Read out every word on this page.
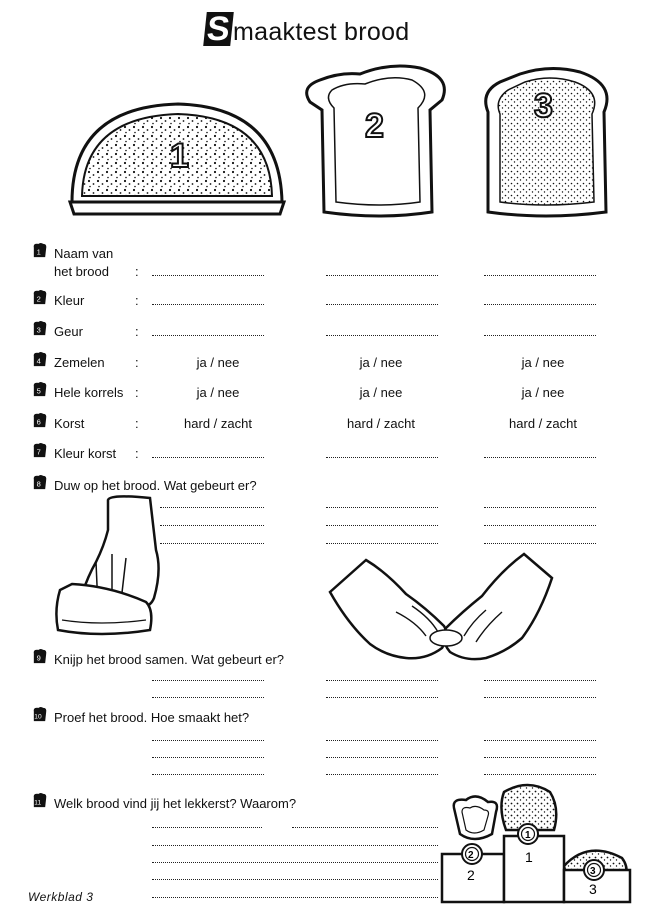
Smaaktest brood
1
2
3
1 Naam van
het brood :
2 Kleur	:
3 Geur	:
4 Zemelen :	ja / nee	ja / nee	ja / nee
5 Hele korrels :	ja / nee	ja / nee	ja / nee
6 Korst	:	hard / zacht	hard / zacht	hard / zacht
7 Kleur korst :
8 Duw op het brood. Wat gebeurt er?
9 Knijp het brood samen. Wat gebeurt er?
10 Proef het brood. Hoe smaakt het?
11 Welk brood vind jij het lekkerst? Waarom?
2
1
3
2
1
3
Werkblad 3
